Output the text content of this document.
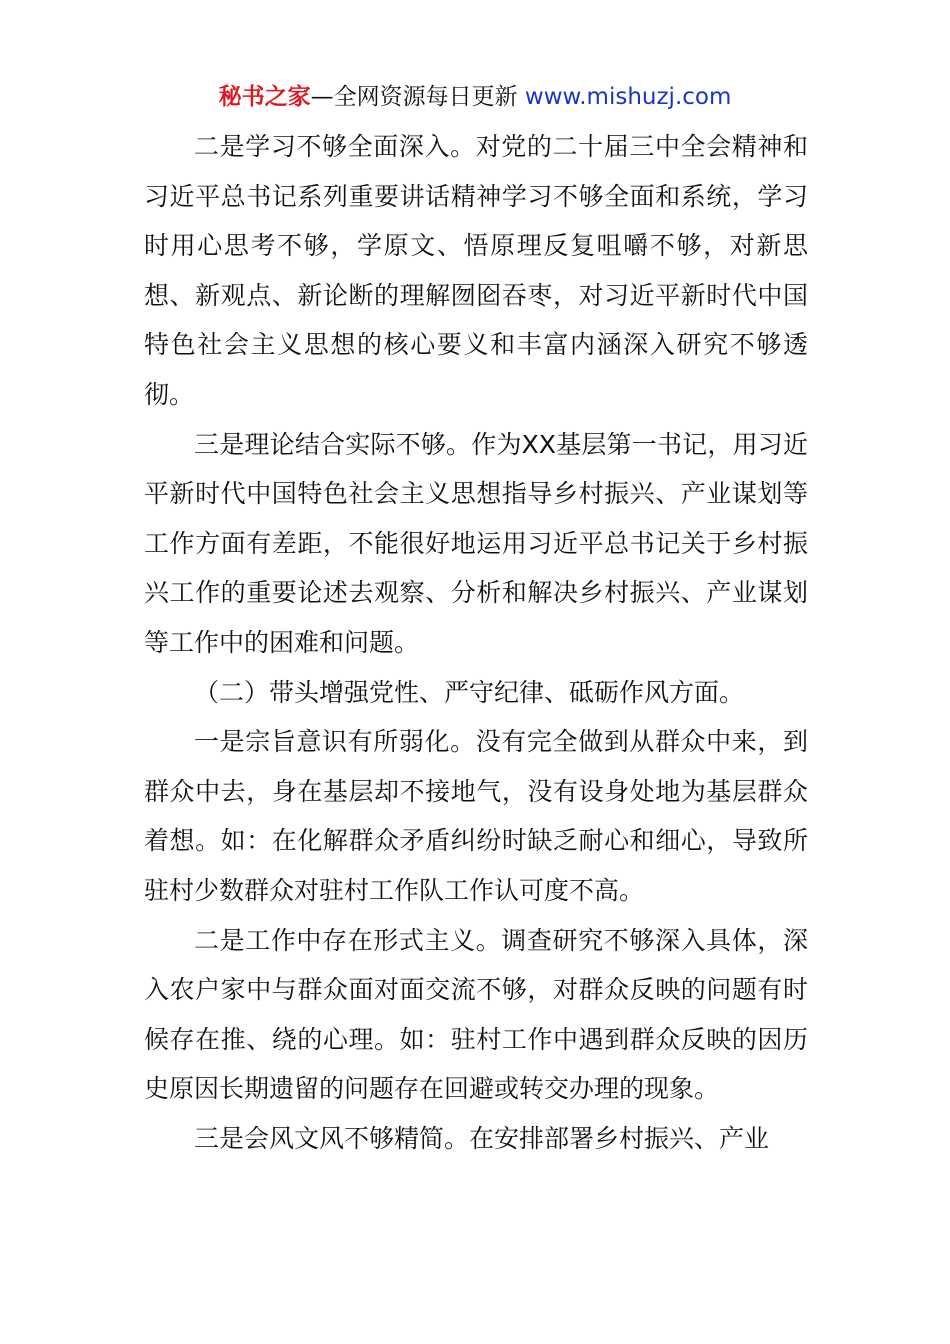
秘书之家—全网资源每日更新 www.mishuzj.com

二是学习不够全面深入。对党的二十届三中全会精神和习近平总书记系列重要讲话精神学习不够全面和系统，学习时用心思考不够，学原文、悟原理反复咀嚼不够，对新思想、新观点、新论断的理解囫囵吞枣，对习近平新时代中国特色社会主义思想的核心要义和丰富内涵深入研究不够透彻。

三是理论结合实际不够。作为XX基层第一书记，用习近平新时代中国特色社会主义思想指导乡村振兴、产业谋划等工作方面有差距，不能很好地运用习近平总书记关于乡村振兴工作的重要论述去观察、分析和解决乡村振兴、产业谋划等工作中的困难和问题。

（二）带头增强党性、严守纪律、砥砺作风方面。

一是宗旨意识有所弱化。没有完全做到从群众中来，到群众中去，身在基层却不接地气，没有设身处地为基层群众着想。如：在化解群众矛盾纠纷时缺乏耐心和细心，导致所驻村少数群众对驻村工作队工作认可度不高。

二是工作中存在形式主义。调查研究不够深入具体，深入农户家中与群众面对面交流不够，对群众反映的问题有时候存在推、绕的心理。如：驻村工作中遇到群众反映的因历史原因长期遗留的问题存在回避或转交办理的现象。

三是会风文风不够精简。在安排部署乡村振兴、产业
